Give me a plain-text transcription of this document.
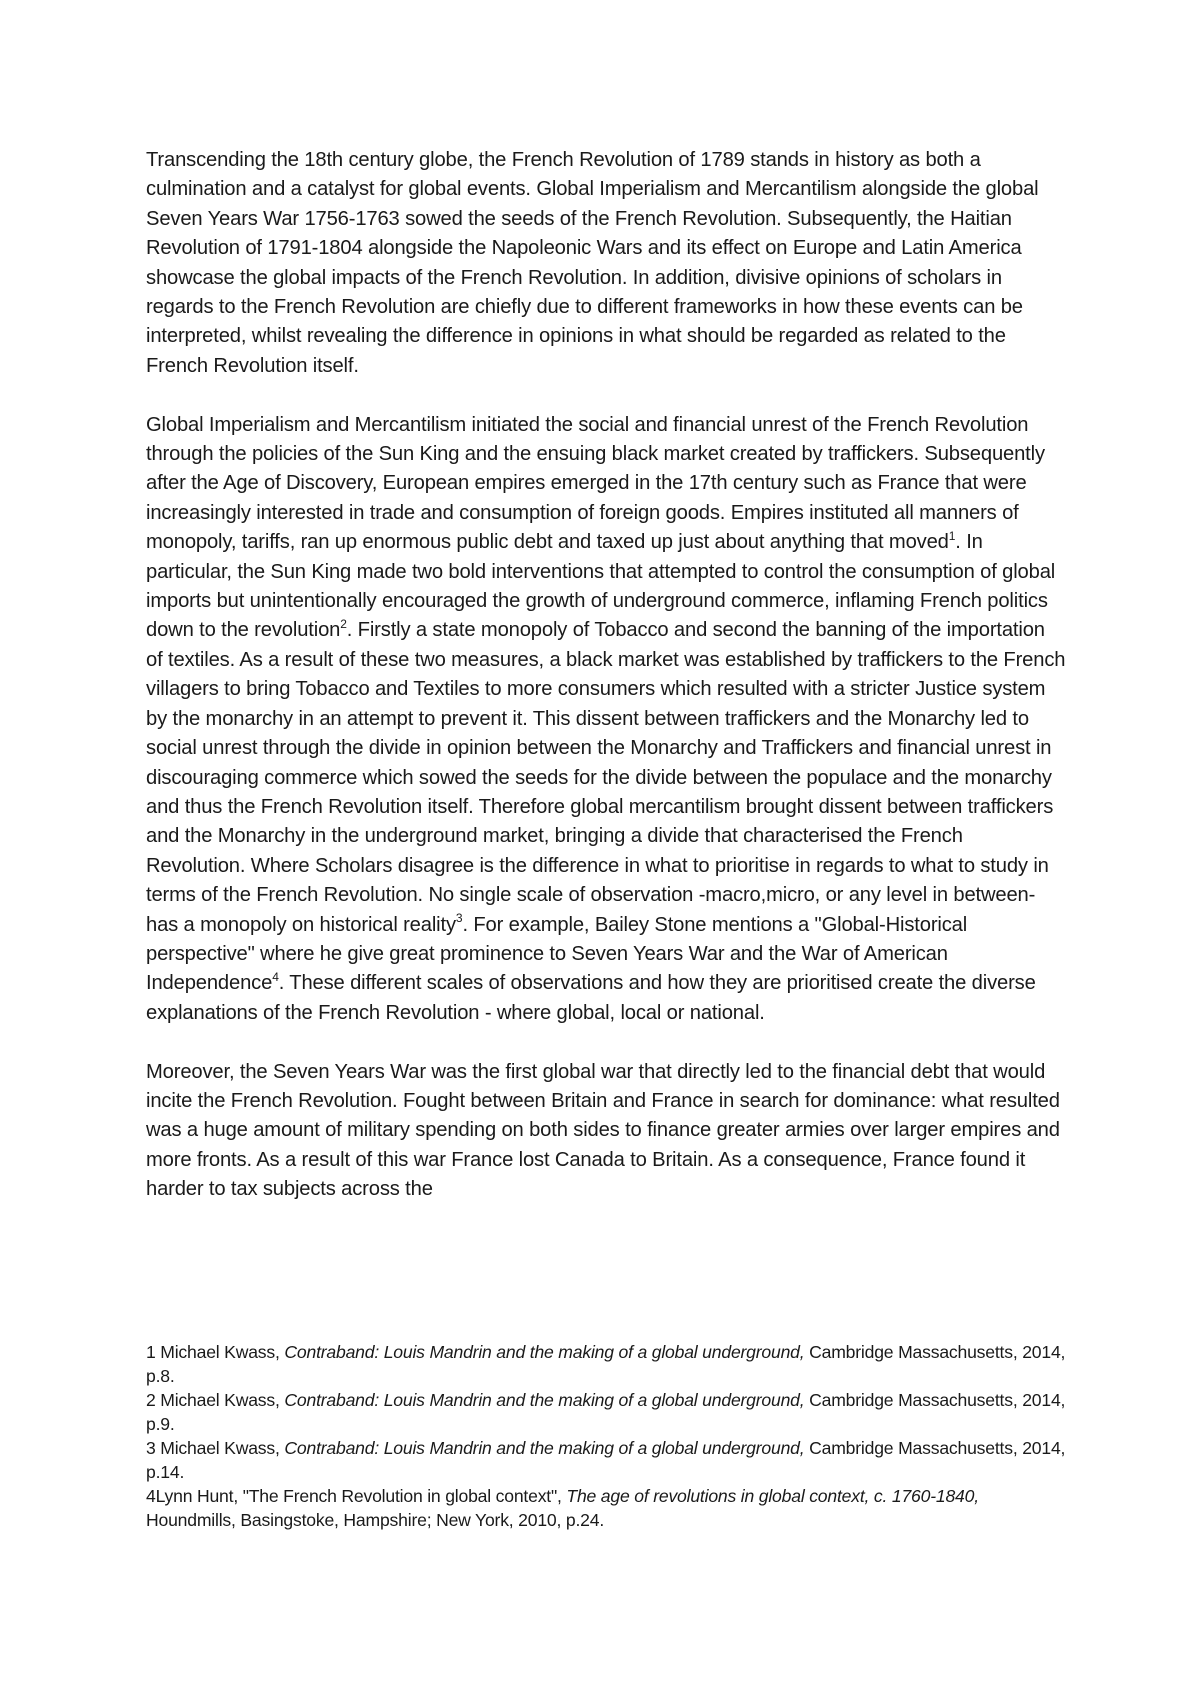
Transcending the 18th century globe, the French Revolution of 1789 stands in history as both a culmination and a catalyst for global events. Global Imperialism and Mercantilism alongside the global Seven Years War 1756-1763 sowed the seeds of the French Revolution. Subsequently, the Haitian Revolution of 1791-1804 alongside the Napoleonic Wars and its effect on Europe and Latin America showcase the global impacts of the French Revolution. In addition, divisive opinions of scholars in regards to the French Revolution are chiefly due to different frameworks in how these events can be interpreted, whilst revealing the difference in opinions in what should be regarded as related to the French Revolution itself.

Global Imperialism and Mercantilism initiated the social and financial unrest of the French Revolution through the policies of the Sun King and the ensuing black market created by traffickers. Subsequently after the Age of Discovery, European empires emerged in the 17th century such as France that were increasingly interested in trade and consumption of foreign goods. Empires instituted all manners of monopoly, tariffs, ran up enormous public debt and taxed up just about anything that moved$^1$. In particular, the Sun King made two bold interventions that attempted to control the consumption of global imports but unintentionally encouraged the growth of underground commerce, inflaming French politics down to the revolution$^2$. Firstly a state monopoly of Tobacco and second the banning of the importation of textiles. As a result of these two measures, a black market was established by traffickers to the French villagers to bring Tobacco and Textiles to more consumers which resulted with a stricter Justice system by the monarchy in an attempt to prevent it. This dissent between traffickers and the Monarchy led to social unrest through the divide in opinion between the Monarchy and Traffickers and financial unrest in discouraging commerce which sowed the seeds for the divide between the populace and the monarchy and thus the French Revolution itself. Therefore global mercantilism brought dissent between traffickers and the Monarchy in the underground market, bringing a divide that characterised the French Revolution. Where Scholars disagree is the difference in what to prioritise in regards to what to study in terms of the French Revolution. No single scale of observation -macro,micro, or any level in between- has a monopoly on historical reality$^3$. For example, Bailey Stone mentions a "Global-Historical perspective" where he give great prominence to Seven Years War and the War of American Independence$^4$. These different scales of observations and how they are prioritised create the diverse explanations of the French Revolution - where global, local or national.

Moreover, the Seven Years War was the first global war that directly led to the financial debt that would incite the French Revolution. Fought between Britain and France in search for dominance: what resulted was a huge amount of military spending on both sides to finance greater armies over larger empires and more fronts. As a result of this war France lost Canada to Britain. As a consequence, France found it harder to tax subjects across the

1 Michael Kwass, Contraband: Louis Mandrin and the making of a global underground, Cambridge Massachusetts, 2014, p.8.

2 Michael Kwass, Contraband: Louis Mandrin and the making of a global underground, Cambridge Massachusetts, 2014, p.9.

3 Michael Kwass, Contraband: Louis Mandrin and the making of a global underground, Cambridge Massachusetts, 2014, p.14.

4Lynn Hunt, "The French Revolution in global context", The age of revolutions in global context, c. 1760-1840, Houndmills, Basingstoke, Hampshire; New York, 2010, p.24.
